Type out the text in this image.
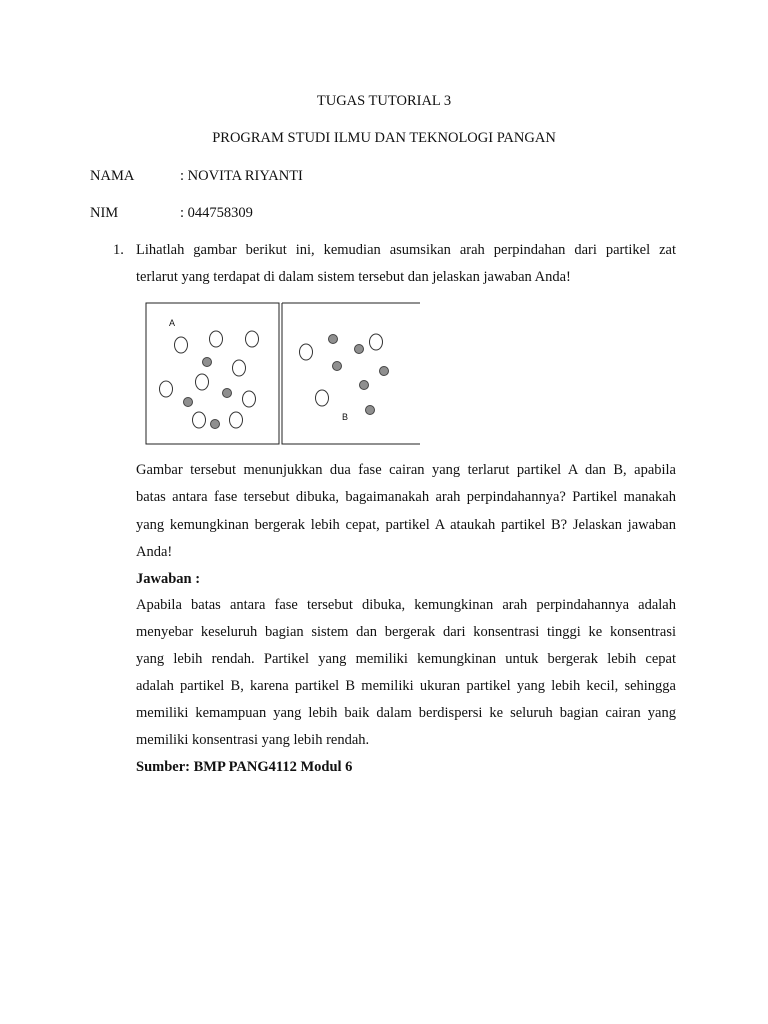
TUGAS TUTORIAL 3
PROGRAM STUDI ILMU DAN TEKNOLOGI PANGAN
NAMA	: NOVITA RIYANTI
NIM	: 044758309
1. Lihatlah gambar berikut ini, kemudian asumsikan arah perpindahan dari partikel zat
terlarut yang terdapat di dalam sistem tersebut dan jelaskan jawaban Anda!
A
B
Gambar tersebut menunjukkan dua fase cairan yang terlarut partikel A dan B, apabila
batas antara fase tersebut dibuka, bagaimanakah arah perpindahannya? Partikel manakah
yang kemungkinan bergerak lebih cepat, partikel A ataukah partikel B? Jelaskan jawaban
Anda!
Jawaban :
Apabila batas antara fase tersebut dibuka, kemungkinan arah perpindahannya adalah
menyebar keseluruh bagian sistem dan bergerak dari konsentrasi tinggi ke konsentrasi
yang lebih rendah. Partikel yang memiliki kemungkinan untuk bergerak lebih cepat
adalah partikel B, karena partikel B memiliki ukuran partikel yang lebih kecil, sehingga
memiliki kemampuan yang lebih baik dalam berdispersi ke seluruh bagian cairan yang
memiliki konsentrasi yang lebih rendah.
Sumber: BMP PANG4112 Modul 6
